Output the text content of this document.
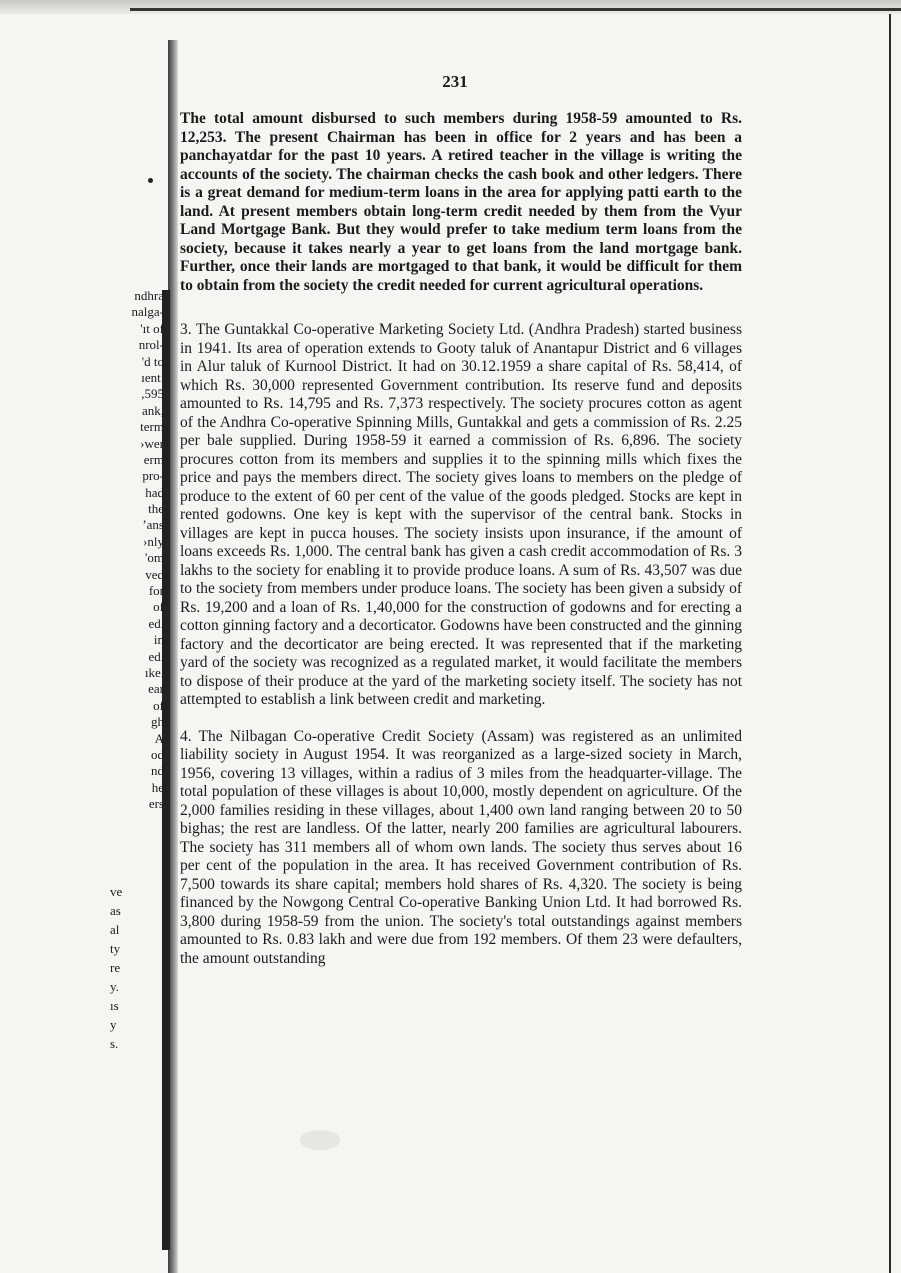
ndhra
nalga-
'ıt of
nrol-
'd to
ıent.
,595
ank,
term
›wer
erm
pro-
had
the
’ans
›nly
'om
ved
for
of
ed.
in
ed.
ıke.
ear
of
gh
A
od
nd
he
ers
ve
as
al
ty
re
y.
ıs
y
s.
231

The total amount disbursed to such members during 1958-59 amounted to Rs. 12,253. The present Chairman has been in office for 2 years and has been a panchayatdar for the past 10 years. A retired teacher in the village is writing the accounts of the society. The chairman checks the cash book and other ledgers. There is a great demand for medium-term loans in the area for applying patti earth to the land. At present members obtain long-term credit needed by them from the Vyur Land Mortgage Bank. But they would prefer to take medium term loans from the society, because it takes nearly a year to get loans from the land mortgage bank. Further, once their lands are mortgaged to that bank, it would be difficult for them to obtain from the society the credit needed for current agricultural operations.

3. The Guntakkal Co-operative Marketing Society Ltd. (Andhra Pradesh) started business in 1941. Its area of operation extends to Gooty taluk of Anantapur District and 6 villages in Alur taluk of Kurnool District. It had on 30.12.1959 a share capital of Rs. 58,414, of which Rs. 30,000 represented Government contribution. Its reserve fund and deposits amounted to Rs. 14,795 and Rs. 7,373 respectively. The society procures cotton as agent of the Andhra Co-operative Spinning Mills, Guntakkal and gets a commission of Rs. 2.25 per bale supplied. During 1958-59 it earned a commission of Rs. 6,896. The society procures cotton from its members and supplies it to the spinning mills which fixes the price and pays the members direct. The society gives loans to members on the pledge of produce to the extent of 60 per cent of the value of the goods pledged. Stocks are kept in rented godowns. One key is kept with the supervisor of the central bank. Stocks in villages are kept in pucca houses. The society insists upon insurance, if the amount of loans exceeds Rs. 1,000. The central bank has given a cash credit accommodation of Rs. 3 lakhs to the society for enabling it to provide produce loans. A sum of Rs. 43,507 was due to the society from members under produce loans. The society has been given a subsidy of Rs. 19,200 and a loan of Rs. 1,40,000 for the construction of godowns and for erecting a cotton ginning factory and a decorticator. Godowns have been constructed and the ginning factory and the decorticator are being erected. It was represented that if the marketing yard of the society was recognized as a regulated market, it would facilitate the members to dispose of their produce at the yard of the marketing society itself. The society has not attempted to establish a link between credit and marketing.

4. The Nilbagan Co-operative Credit Society (Assam) was registered as an unlimited liability society in August 1954. It was reorganized as a large-sized society in March, 1956, covering 13 villages, within a radius of 3 miles from the headquarter-village. The total population of these villages is about 10,000, mostly dependent on agriculture. Of the 2,000 families residing in these villages, about 1,400 own land ranging between 20 to 50 bighas; the rest are landless. Of the latter, nearly 200 families are agricultural labourers. The society has 311 members all of whom own lands. The society thus serves about 16 per cent of the population in the area. It has received Government contribution of Rs. 7,500 towards its share capital; members hold shares of Rs. 4,320. The society is being financed by the Nowgong Central Co-operative Banking Union Ltd. It had borrowed Rs. 3,800 during 1958-59 from the union. The society's total outstandings against members amounted to Rs. 0.83 lakh and were due from 192 members. Of them 23 were defaulters, the amount outstanding
